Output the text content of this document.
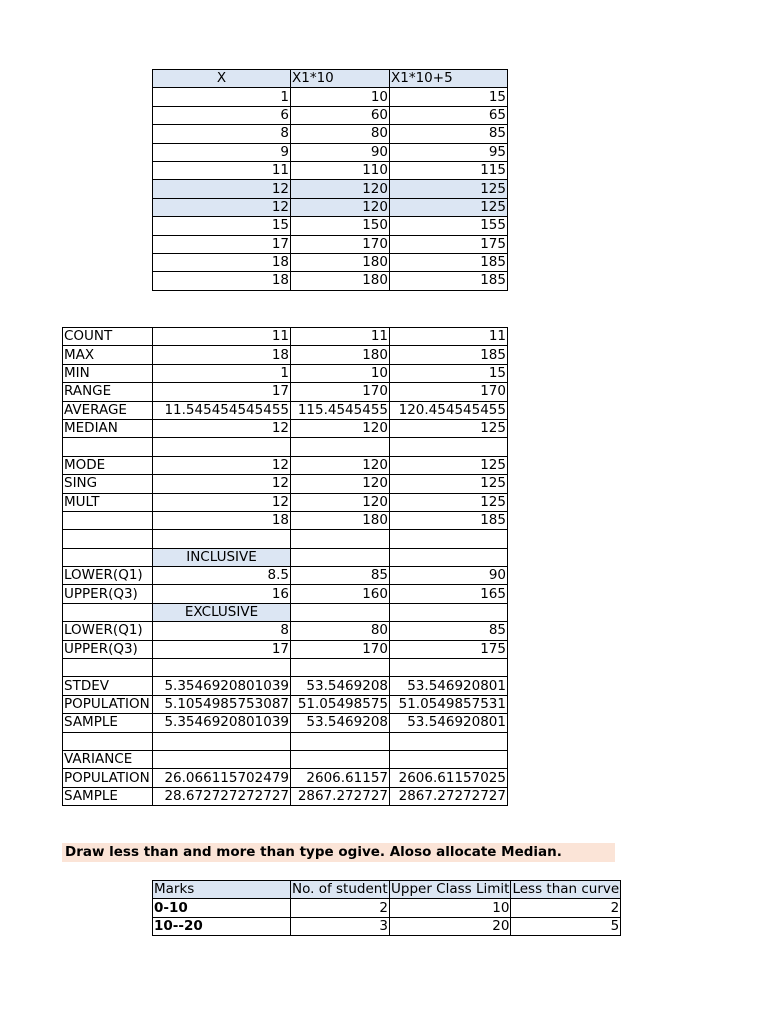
X	X1*10	X1*10+5
1	10	15
6	60	65
8	80	85
9	90	95
11	110	115
12	120	125
12	120	125
15	150	155
17	170	175
18	180	185
18	180	185
COUNT	11	11	11
MAX	18	180	185
MIN	1	10	15
RANGE	17	170	170
AVERAGE	11.545454545455	115.4545455	120.454545455
MEDIAN	12	120	125

MODE	12	120	125
SING	12	120	125
MULT	12	120	125
	18	180	185

	INCLUSIVE		
LOWER(Q1)	8.5	85	90
UPPER(Q3)	16	160	165
	EXCLUSIVE		
LOWER(Q1)	8	80	85
UPPER(Q3)	17	170	175

STDEV	5.3546920801039	53.5469208	53.546920801
POPULATION	5.1054985753087	51.05498575	51.0549857531
SAMPLE	5.3546920801039	53.5469208	53.546920801

VARIANCE			
POPULATION	26.066115702479	2606.61157	2606.61157025
SAMPLE	28.672727272727	2867.272727	2867.27272727
Draw less than and more than type ogive. Aloso allocate Median.
Marks	No. of student	Upper Class Limit	Less than curve
0-10	2	10	2
10--20	3	20	5
